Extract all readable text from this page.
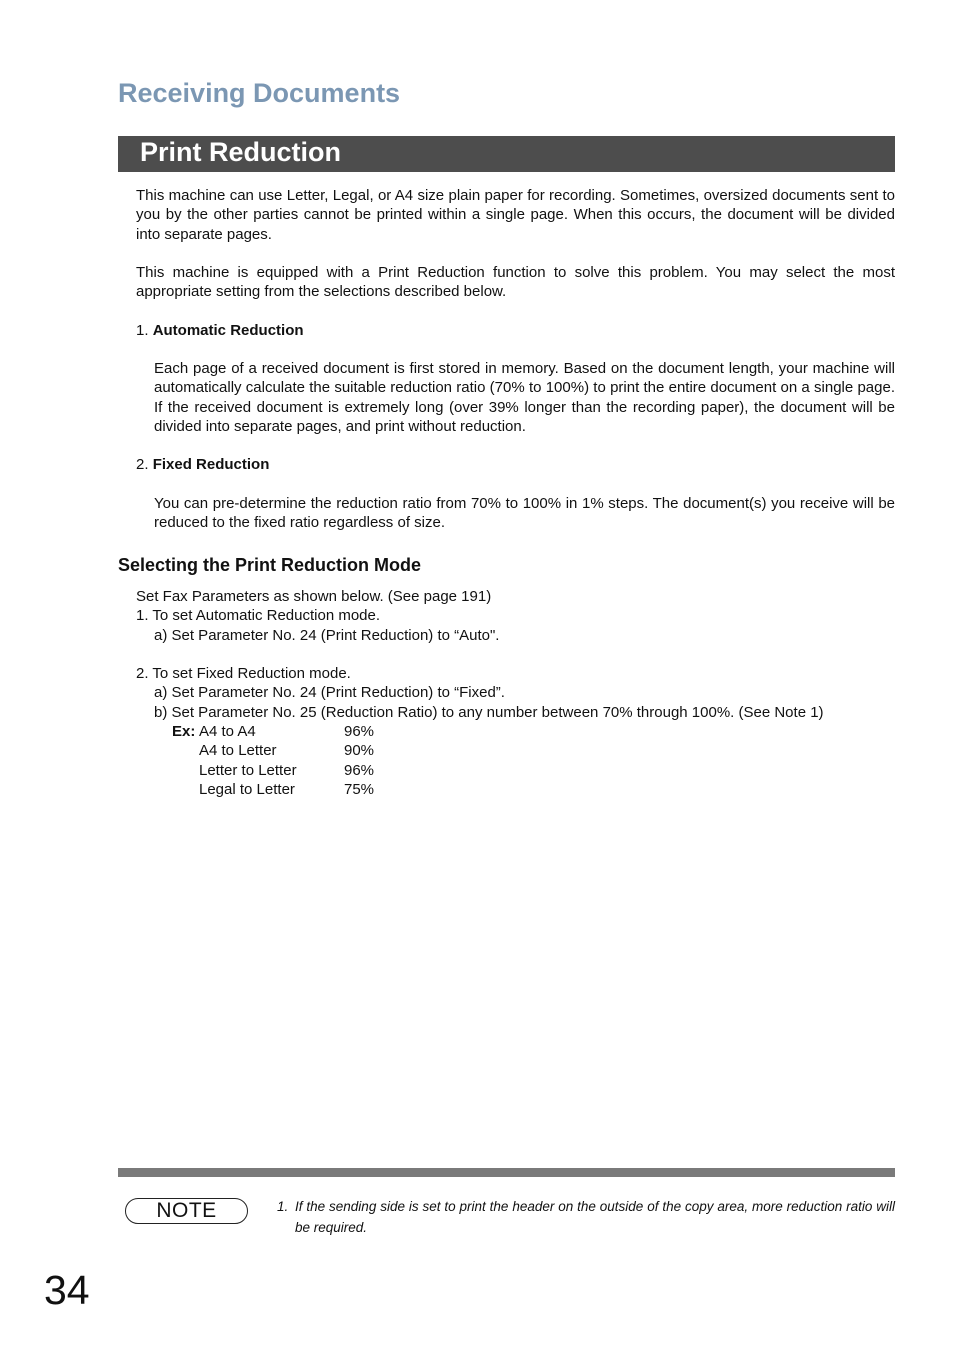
Receiving Documents
Print Reduction

This machine can use Letter, Legal, or A4 size plain paper for recording. Sometimes, oversized documents sent to you by the other parties cannot be printed within a single page. When this occurs, the document will be divided into separate pages.

This machine is equipped with a Print Reduction function to solve this problem. You may select the most appropriate setting from the selections described below.

1. Automatic Reduction

Each page of a received document is first stored in memory. Based on the document length, your machine will automatically calculate the suitable reduction ratio (70% to 100%) to print the entire document on a single page. If the received document is extremely long (over 39% longer than the recording paper), the document will be divided into separate pages, and print without reduction.

2. Fixed Reduction

You can pre-determine the reduction ratio from 70% to 100% in 1% steps. The document(s) you receive will be reduced to the fixed ratio regardless of size.

Selecting the Print Reduction Mode
Set Fax Parameters as shown below. (See page 191)
1. To set Automatic Reduction mode.
a) Set Parameter No. 24 (Print Reduction) to “Auto".
2. To set Fixed Reduction mode.
a) Set Parameter No. 24 (Print Reduction) to “Fixed”.
b) Set Parameter No. 25 (Reduction Ratio) to any number between 70% through 100%. (See Note 1)
Ex:	A4 to A4	96%
	A4 to Letter	90%
	Letter to Letter	96%
	Legal to Letter	75%
NOTE	1. If the sending side is set to print the header on the outside of the copy area, more reduction ratio will be required.
34
